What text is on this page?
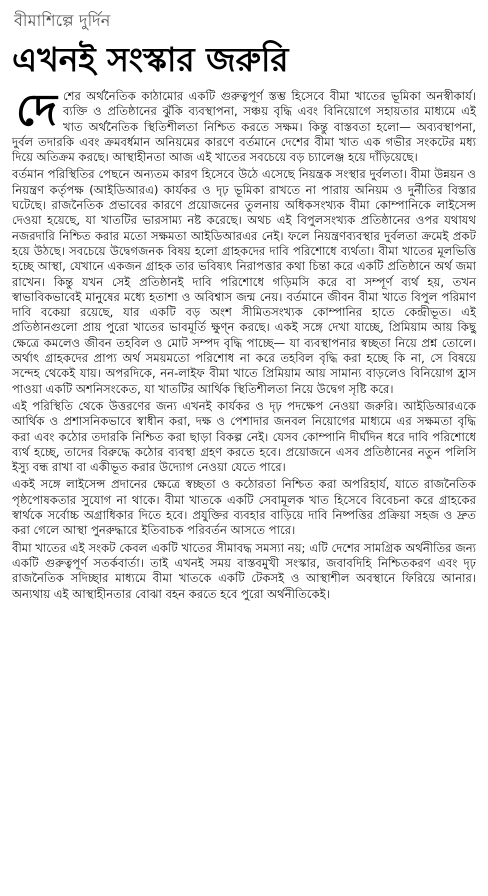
বীমাশিল্পে দুর্দিন
এখনই সংস্কার জরুরি

দেশের অর্থনৈতিক কাঠামোর একটি গুরুত্বপূর্ণ স্তম্ভ হিসেবে বীমা খাতের ভূমিকা অনস্বীকার্য। ব্যক্তি ও প্রতিষ্ঠানের ঝুঁকি ব্যবস্থাপনা, সঞ্চয় বৃদ্ধি এবং বিনিয়োগে সহায়তার মাধ্যমে এই খাত অর্থনৈতিক স্থিতিশীলতা নিশ্চিত করতে সক্ষম। কিন্তু বাস্তবতা হলো— অব্যবস্থাপনা, দুর্বল তদারকি এবং ক্রমবর্ধমান অনিয়মের কারণে বর্তমানে দেশের বীমা খাত এক গভীর সংকটের মধ্য দিয়ে অতিক্রম করছে। আস্থাহীনতা আজ এই খাতের সবচেয়ে বড় চ্যালেঞ্জ হয়ে দাঁড়িয়েছে।

বর্তমান পরিস্থিতির পেছনে অন্যতম কারণ হিসেবে উঠে এসেছে নিয়ন্ত্রক সংস্থার দুর্বলতা। বীমা উন্নয়ন ও নিয়ন্ত্রণ কর্তৃপক্ষ (আইডিআরএ) কার্যকর ও দৃঢ় ভূমিকা রাখতে না পারায় অনিয়ম ও দুর্নীতির বিস্তার ঘটেছে। রাজনৈতিক প্রভাবের কারণে প্রয়োজনের তুলনায় অধিকসংখ্যক বীমা কোম্পানিকে লাইসেন্স দেওয়া হয়েছে, যা খাতটির ভারসাম্য নষ্ট করেছে। অথচ এই বিপুলসংখ্যক প্রতিষ্ঠানের ওপর যথাযথ নজরদারি নিশ্চিত করার মতো সক্ষমতা আইডিআরএর নেই। ফলে নিয়ন্ত্রণব্যবস্থার দুর্বলতা ক্রমেই প্রকট হয়ে উঠছে। সবচেয়ে উদ্বেগজনক বিষয় হলো গ্রাহকদের দাবি পরিশোধে ব্যর্থতা। বীমা খাতের মূলভিত্তি হচ্ছে আস্থা, যেখানে একজন গ্রাহক তার ভবিষ্যৎ নিরাপত্তার কথা চিন্তা করে একটি প্রতিষ্ঠানে অর্থ জমা রাখেন। কিন্তু যখন সেই প্রতিষ্ঠানই দাবি পরিশোধে গড়িমসি করে বা সম্পূর্ণ ব্যর্থ হয়, তখন স্বাভাবিকভাবেই মানুষের মধ্যে হতাশা ও অবিশ্বাস জন্ম নেয়। বর্তমানে জীবন বীমা খাতে বিপুল পরিমাণ দাবি বকেয়া রয়েছে, যার একটি বড় অংশ সীমিতসংখ্যক কোম্পানির হাতে কেন্দ্রীভূত। এই প্রতিষ্ঠানগুলো প্রায় পুরো খাতের ভাবমূর্তি ক্ষুণ্ন করছে। একই সঙ্গে দেখা যাচ্ছে, প্রিমিয়াম আয় কিছু ক্ষেত্রে কমলেও জীবন তহবিল ও মোট সম্পদ বৃদ্ধি পাচ্ছে— যা ব্যবস্থাপনার স্বচ্ছতা নিয়ে প্রশ্ন তোলে। অর্থাৎ গ্রাহকদের প্রাপ্য অর্থ সময়মতো পরিশোধ না করে তহবিল বৃদ্ধি করা হচ্ছে কি না, সে বিষয়ে সন্দেহ থেকেই যায়। অপরদিকে, নন-লাইফ বীমা খাতে প্রিমিয়াম আয় সামান্য বাড়লেও বিনিয়োগ হ্রাস পাওয়া একটি অশনিসংকেত, যা খাতটির আর্থিক স্থিতিশীলতা নিয়ে উদ্বেগ সৃষ্টি করে।

এই পরিস্থিতি থেকে উত্তরণের জন্য এখনই কার্যকর ও দৃঢ় পদক্ষেপ নেওয়া জরুরি। আইডিআরএকে আর্থিক ও প্রশাসনিকভাবে স্বাধীন করা, দক্ষ ও পেশাদার জনবল নিয়োগের মাধ্যমে এর সক্ষমতা বৃদ্ধি করা এবং কঠোর তদারকি নিশ্চিত করা ছাড়া বিকল্প নেই। যেসব কোম্পানি দীর্ঘদিন ধরে দাবি পরিশোধে ব্যর্থ হচ্ছে, তাদের বিরুদ্ধে কঠোর ব্যবস্থা গ্রহণ করতে হবে। প্রয়োজনে এসব প্রতিষ্ঠানের নতুন পলিসি ইস্যু বন্ধ রাখা বা একীভূত করার উদ্যোগ নেওয়া যেতে পারে।

একই সঙ্গে লাইসেন্স প্রদানের ক্ষেত্রে স্বচ্ছতা ও কঠোরতা নিশ্চিত করা অপরিহার্য, যাতে রাজনৈতিক পৃষ্ঠপোষকতার সুযোগ না থাকে। বীমা খাতকে একটি সেবামূলক খাত হিসেবে বিবেচনা করে গ্রাহকের স্বার্থকে সর্বোচ্চ অগ্রাধিকার দিতে হবে। প্রযুক্তির ব্যবহার বাড়িয়ে দাবি নিষ্পত্তির প্রক্রিয়া সহজ ও দ্রুত করা গেলে আস্থা পুনরুদ্ধারে ইতিবাচক পরিবর্তন আসতে পারে।

বীমা খাতের এই সংকট কেবল একটি খাতের সীমাবদ্ধ সমস্যা নয়; এটি দেশের সামগ্রিক অর্থনীতির জন্য একটি গুরুত্বপূর্ণ সতর্কবার্তা। তাই এখনই সময় বাস্তবমুখী সংস্কার, জবাবদিহি নিশ্চিতকরণ এবং দৃঢ় রাজনৈতিক সদিচ্ছার মাধ্যমে বীমা খাতকে একটি টেকসই ও আস্থাশীল অবস্থানে ফিরিয়ে আনার। অন্যথায় এই আস্থাহীনতার বোঝা বহন করতে হবে পুরো অর্থনীতিকেই।
